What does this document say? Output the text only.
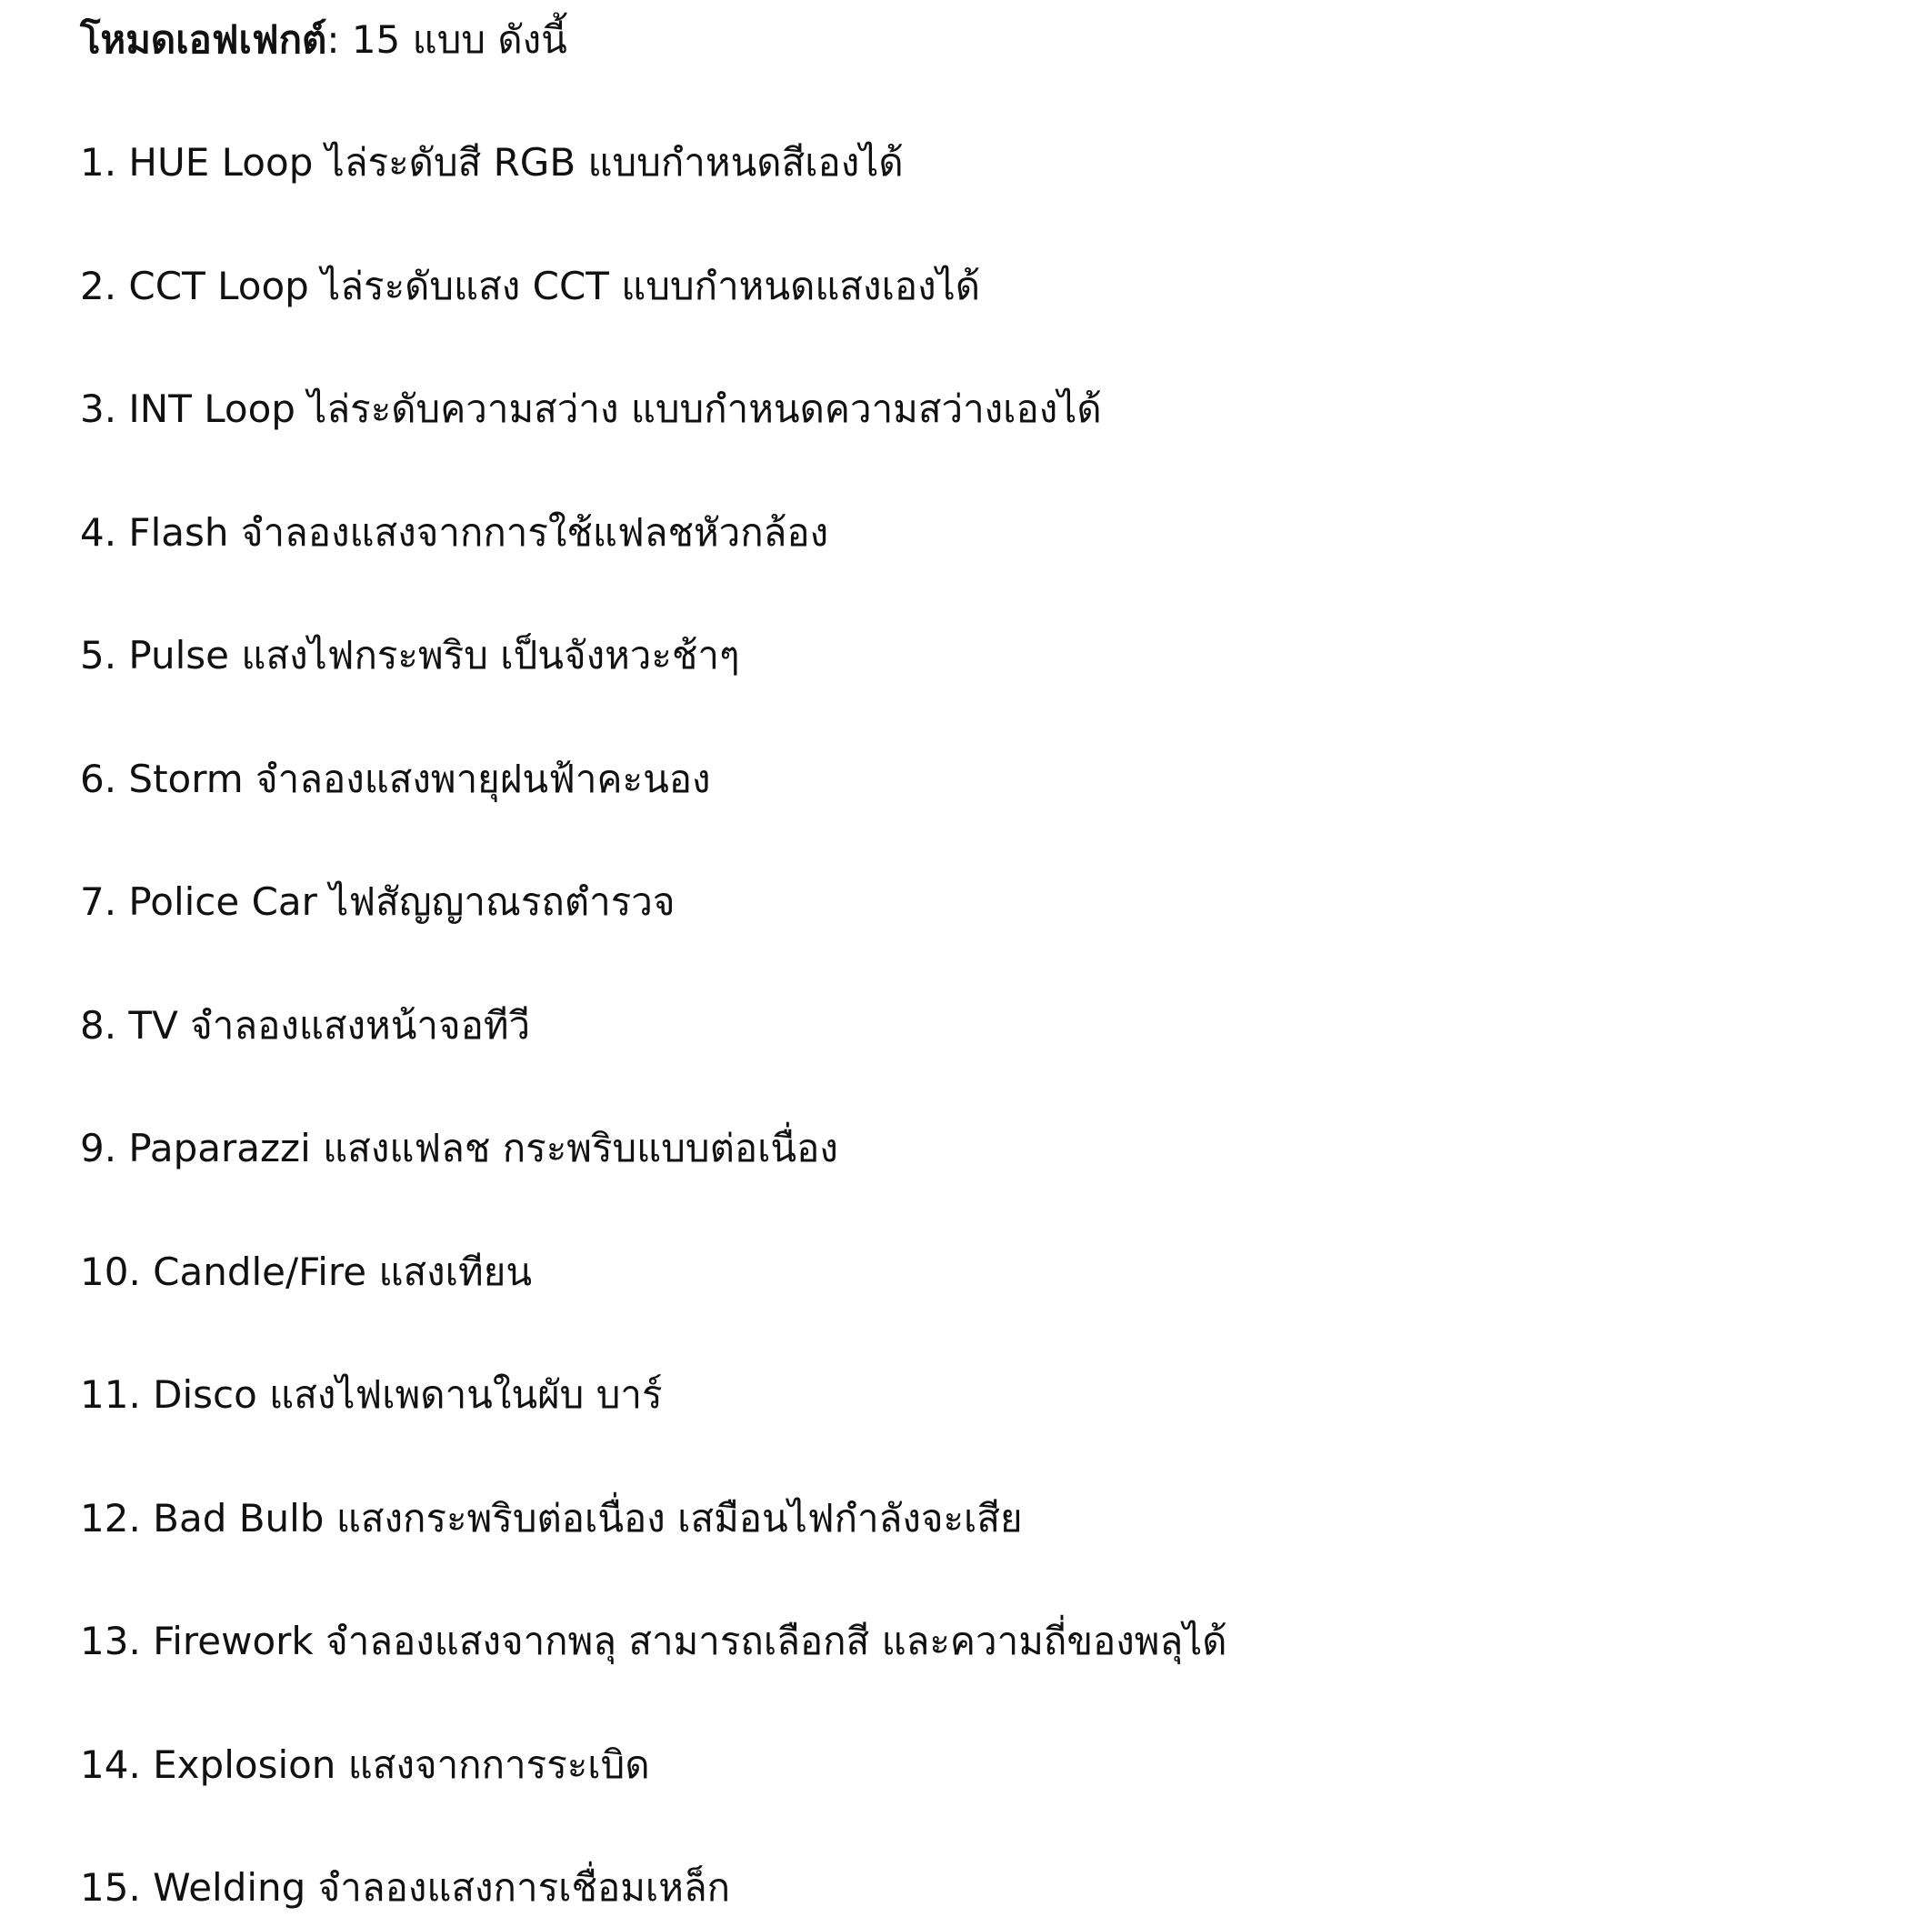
โหมดเอฟเฟกต์: 15 แบบ ดังนี้
1. HUE Loop ไล่ระดับสี RGB แบบกำหนดสีเองได้
2. CCT Loop ไล่ระดับแสง CCT แบบกำหนดแสงเองได้
3. INT Loop ไล่ระดับความสว่าง แบบกำหนดความสว่างเองได้
4. Flash จำลองแสงจากการใช้แฟลชหัวกล้อง
5. Pulse แสงไฟกระพริบ เป็นจังหวะช้าๆ
6. Storm จำลองแสงพายุฝนฟ้าคะนอง
7. Police Car ไฟสัญญาณรถตำรวจ
8. TV จำลองแสงหน้าจอทีวี
9. Paparazzi แสงแฟลช กระพริบแบบต่อเนื่อง
10. Candle/Fire แสงเทียน
11. Disco แสงไฟเพดานในผับ บาร์
12. Bad Bulb แสงกระพริบต่อเนื่อง เสมือนไฟกำลังจะเสีย
13. Firework จำลองแสงจากพลุ สามารถเลือกสี และความถี่ของพลุได้
14. Explosion แสงจากการระเบิด
15. Welding จำลองแสงการเชื่อมเหล็ก
